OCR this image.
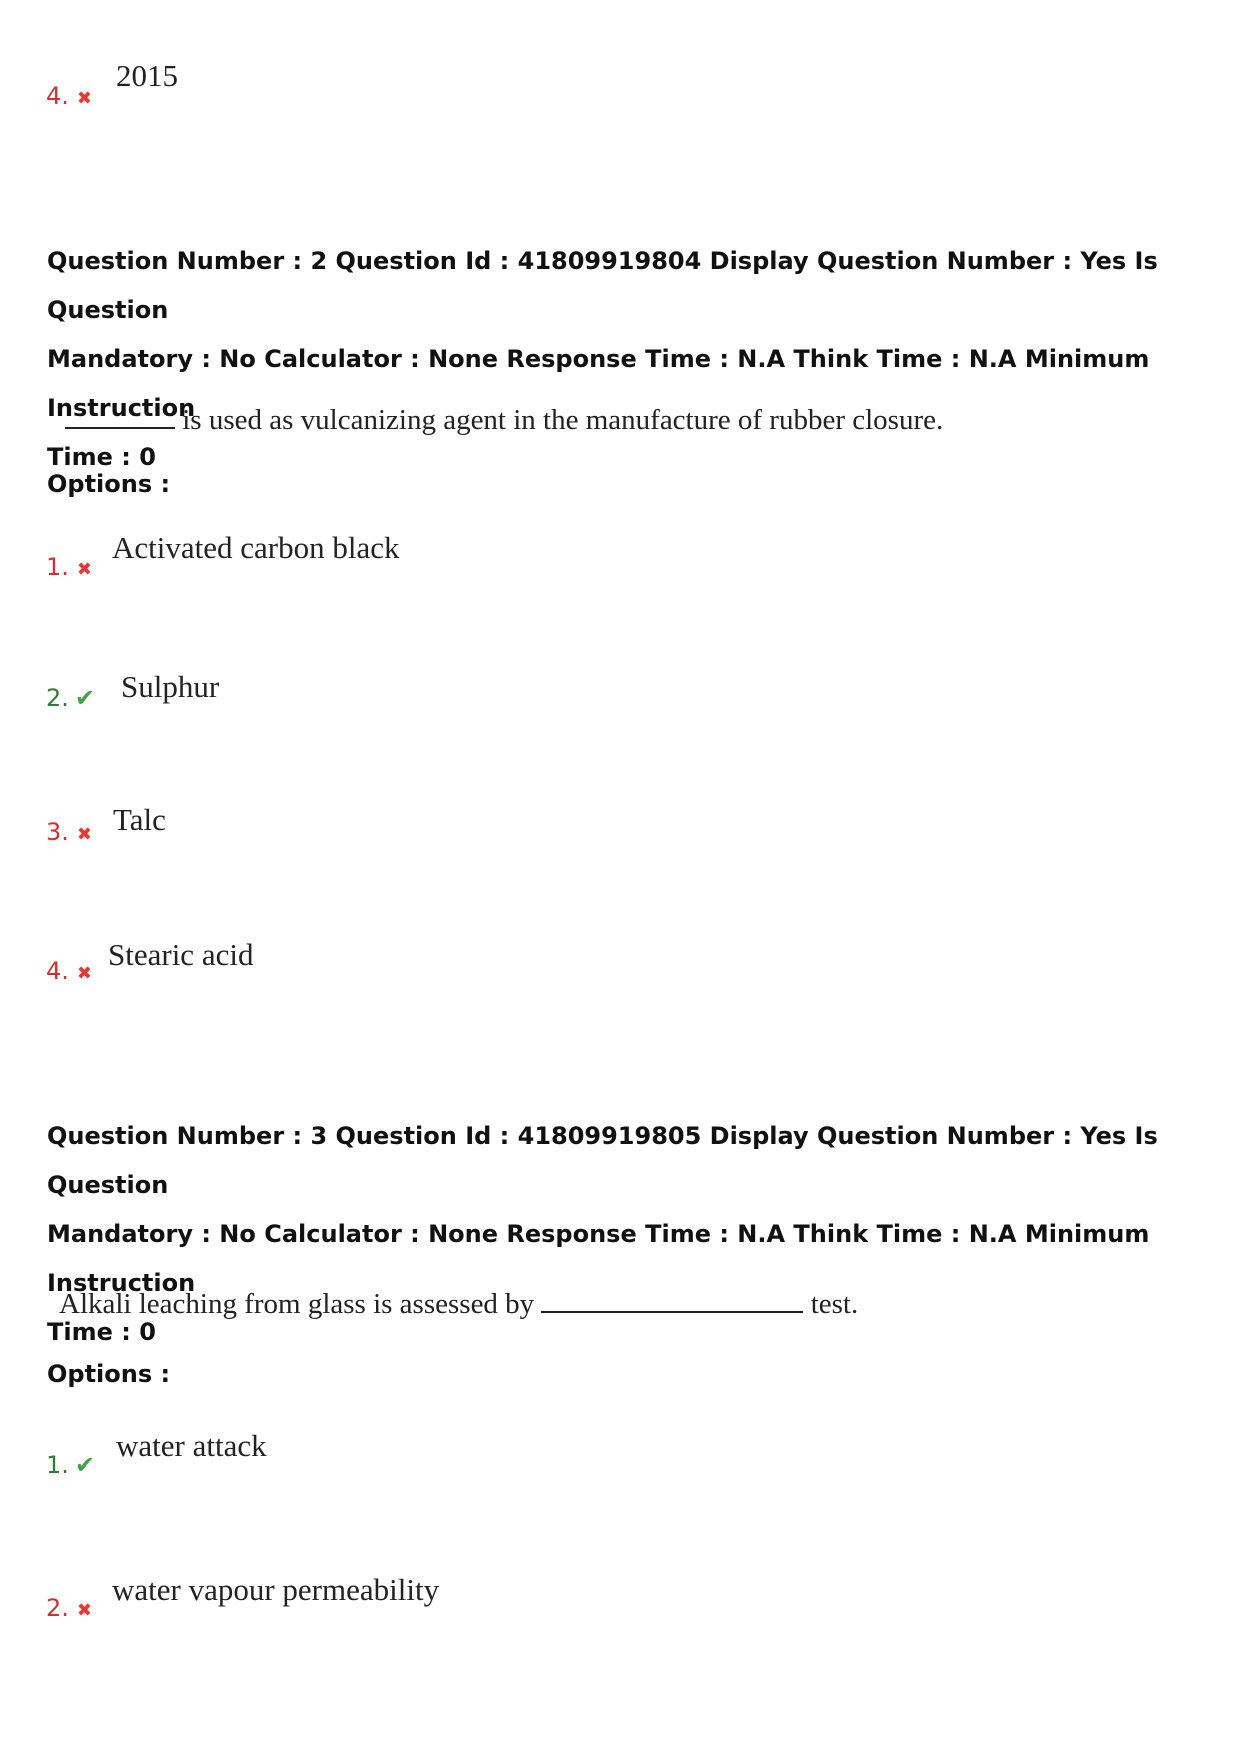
4. ✖
2015
Question Number : 2 Question Id : 41809919804 Display Question Number : Yes Is Question
Mandatory : No Calculator : None Response Time : N.A Think Time : N.A Minimum Instruction
Time : 0
is used as vulcanizing agent in the manufacture of rubber closure.
Options :
1. ✖
Activated carbon black
2. ✔ Sulphur
3. ✖ Talc
4. ✖
Stearic acid
Question Number : 3 Question Id : 41809919805 Display Question Number : Yes Is Question
Mandatory : No Calculator : None Response Time : N.A Think Time : N.A Minimum Instruction
Time : 0
Alkali leaching from glass is assessed by	test.
Options :
1. ✔
water attack
2. ✖
water vapour permeability
